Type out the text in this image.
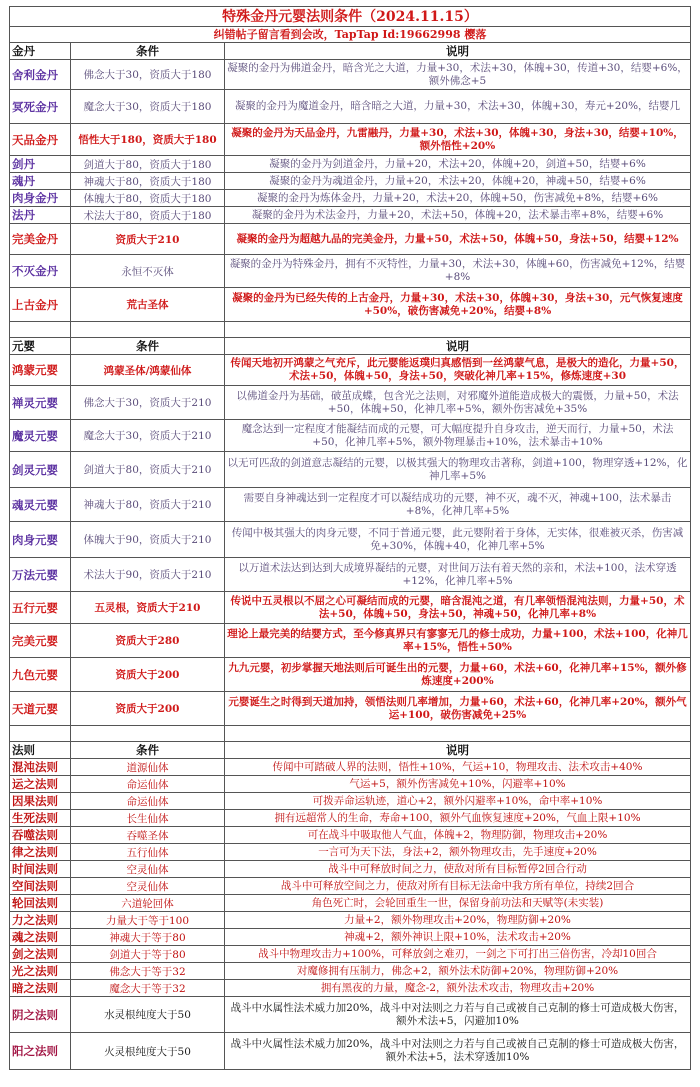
特殊金丹元婴法则条件（2024.11.15）
纠错帖子留言看到会改，TapTap Id:19662998 樱落
金丹	条件	说明
舍利金丹	佛念大于30，资质大于180	凝聚的金丹为佛道金丹，暗含光之大道，力量+30，术法+30，体魄+30，传道+30，结婴+6%，额外佛念+5
冥死金丹	魔念大于30，资质大于180	凝聚的金丹为魔道金丹，暗含暗之大道，力量+30，术法+30，体魄+30，寿元+20%，结婴几
天品金丹	悟性大于180，资质大于180	凝聚的金丹为天品金丹，九雷融丹，力量+30，术法+30，体魄+30，身法+30，结婴+10%，额外悟性+20%
剑丹	剑道大于80，资质大于180	凝聚的金丹为剑道金丹，力量+20，术法+20，体魄+20，剑道+50，结婴+6%
魂丹	神魂大于80，资质大于180	凝聚的金丹为魂道金丹，力量+20，术法+20，体魄+20，神魂+50，结婴+6%
肉身金丹	体魄大于80，资质大于180	凝聚的金丹为炼体金丹，力量+20，术法+20，体魄+50，伤害减免+8%，结婴+6%
法丹	术法大于80，资质大于180	凝聚的金丹为术法金丹，力量+20，术法+50，体魄+20，法术暴击率+8%，结婴+6%
完美金丹	资质大于210	凝聚的金丹为超越九品的完美金丹，力量+50，术法+50，体魄+50，身法+50，结婴+12%
不灭金丹	永恒不灭体	凝聚的金丹为特殊金丹，拥有不灭特性，力量+30，术法+30，体魄+60，伤害减免+12%，结婴+8%
上古金丹	荒古圣体	凝聚的金丹为已经失传的上古金丹，力量+30，术法+30，体魄+30，身法+30，元气恢复速度+50%，破伤害减免+20%，结婴+8%

元婴	条件	说明
鸿蒙元婴	鸿蒙圣体/鸿蒙仙体	传闻天地初开鸿蒙之气充斥，此元婴能返璞归真感悟到一丝鸿蒙气息，是极大的造化，力量+50，术法+50，体魄+50，身法+50，突破化神几率+15%，修炼速度+30
禅灵元婴	佛念大于30，资质大于210	以佛道金丹为基础，破茧成蝶，包含光之法则，对邪魔外道能造成极大的震慑，力量+50，术法+50，体魄+50，化神几率+5%，额外伤害减免+35%
魔灵元婴	魔念大于30，资质大于210	魔念达到一定程度才能凝结而成的元婴，可大幅度提升自身攻击，逆天而行，力量+50，术法+50，化神几率+5%，额外物理暴击+10%，法术暴击+10%
剑灵元婴	剑道大于80，资质大于210	以无可匹敌的剑道意志凝结的元婴，以极其强大的物理攻击著称，剑道+100，物理穿透+12%，化神几率+5%
魂灵元婴	神魂大于80，资质大于210	需要自身神魂达到一定程度才可以凝结成功的元婴，神不灭，魂不灭，神魂+100，法术暴击+8%，化神几率+5%
肉身元婴	体魄大于90，资质大于210	传闻中极其强大的肉身元婴，不同于普通元婴，此元婴附着于身体，无实体，很难被灭杀，伤害减免+30%，体魄+40，化神几率+5%
万法元婴	术法大于90，资质大于210	以万道术法达到达到大成境界凝结的元婴，对世间万法有着天然的亲和，术法+100，法术穿透+12%，化神几率+5%
五行元婴	五灵根，资质大于210	传说中五灵根以不屈之心可凝结而成的元婴，暗含混沌之道，有几率领悟混沌法则，力量+50，术法+50，体魄+50，身法+50，神魂+50，化神几率+8%
完美元婴	资质大于280	理论上最完美的结婴方式，至今修真界只有寥寥无几的修士成功，力量+100，术法+100，化神几率+15%，悟性+50%
九色元婴	资质大于200	九九元婴，初步掌握天地法则后可诞生出的元婴，力量+60，术法+60，化神几率+15%，额外修炼速度+200%
天道元婴	资质大于200	元婴诞生之时得到天道加持，领悟法则几率增加，力量+60，术法+60，化神几率+20%，额外气运+100，破伤害减免+25%

法则	条件	说明
混沌法则	道源仙体	传闻中可踏破人界的法则，悟性+10%，气运+10，物理攻击、法术攻击+40%
运之法则	命运仙体	气运+5，额外伤害减免+10%，闪避率+10%
因果法则	命运仙体	可拨弄命运轨迹，道心+2，额外闪避率+10%，命中率+10%
生死法则	长生仙体	拥有远超常人的生命，寿命+100，额外气血恢复速度+20%，气血上限+10%
吞噬法则	吞噬圣体	可在战斗中吸取他人气血，体魄+2，物理防御，物理攻击+20%
律之法则	五行仙体	一言可为天下法，身法+2，额外物理攻击，先手速度+20%
时间法则	空灵仙体	战斗中可释放时间之力，使敌对所有目标暂停2回合行动
空间法则	空灵仙体	战斗中可释放空间之力，使敌对所有目标无法命中我方所有单位，持续2回合
轮回法则	六道轮回体	角色死亡时，会轮回重生一世，保留身前功法和天赋等(未实装)
力之法则	力量大于等于100	力量+2，额外物理攻击+20%，物理防御+20%
魂之法则	神魂大于等于80	神魂+2，额外神识上限+10%，法术攻击+20%
剑之法则	剑道大于等于80	战斗中物理攻击力+100%，可释放剑之难刃，一剑之下可打出三倍伤害，冷却10回合
光之法则	佛念大于等于32	对魔修拥有压制力，佛念+2，额外法术防御+20%，物理防御+20%
暗之法则	魔念大于等于32	拥有黑夜的力量，魔念-2，额外法术攻击，物理攻击+20%
阴之法则	水灵根纯度大于50	战斗中水属性法术威力加20%，战斗中对法则之力若与自己或被自己克制的修士可造成极大伤害，额外术法+5，闪避加10%
阳之法则	火灵根纯度大于50	战斗中火属性法术威力加20%，战斗中对法则之力若与自己或被自己克制的修士可造成极大伤害，额外术法+5，法术穿透加10%
